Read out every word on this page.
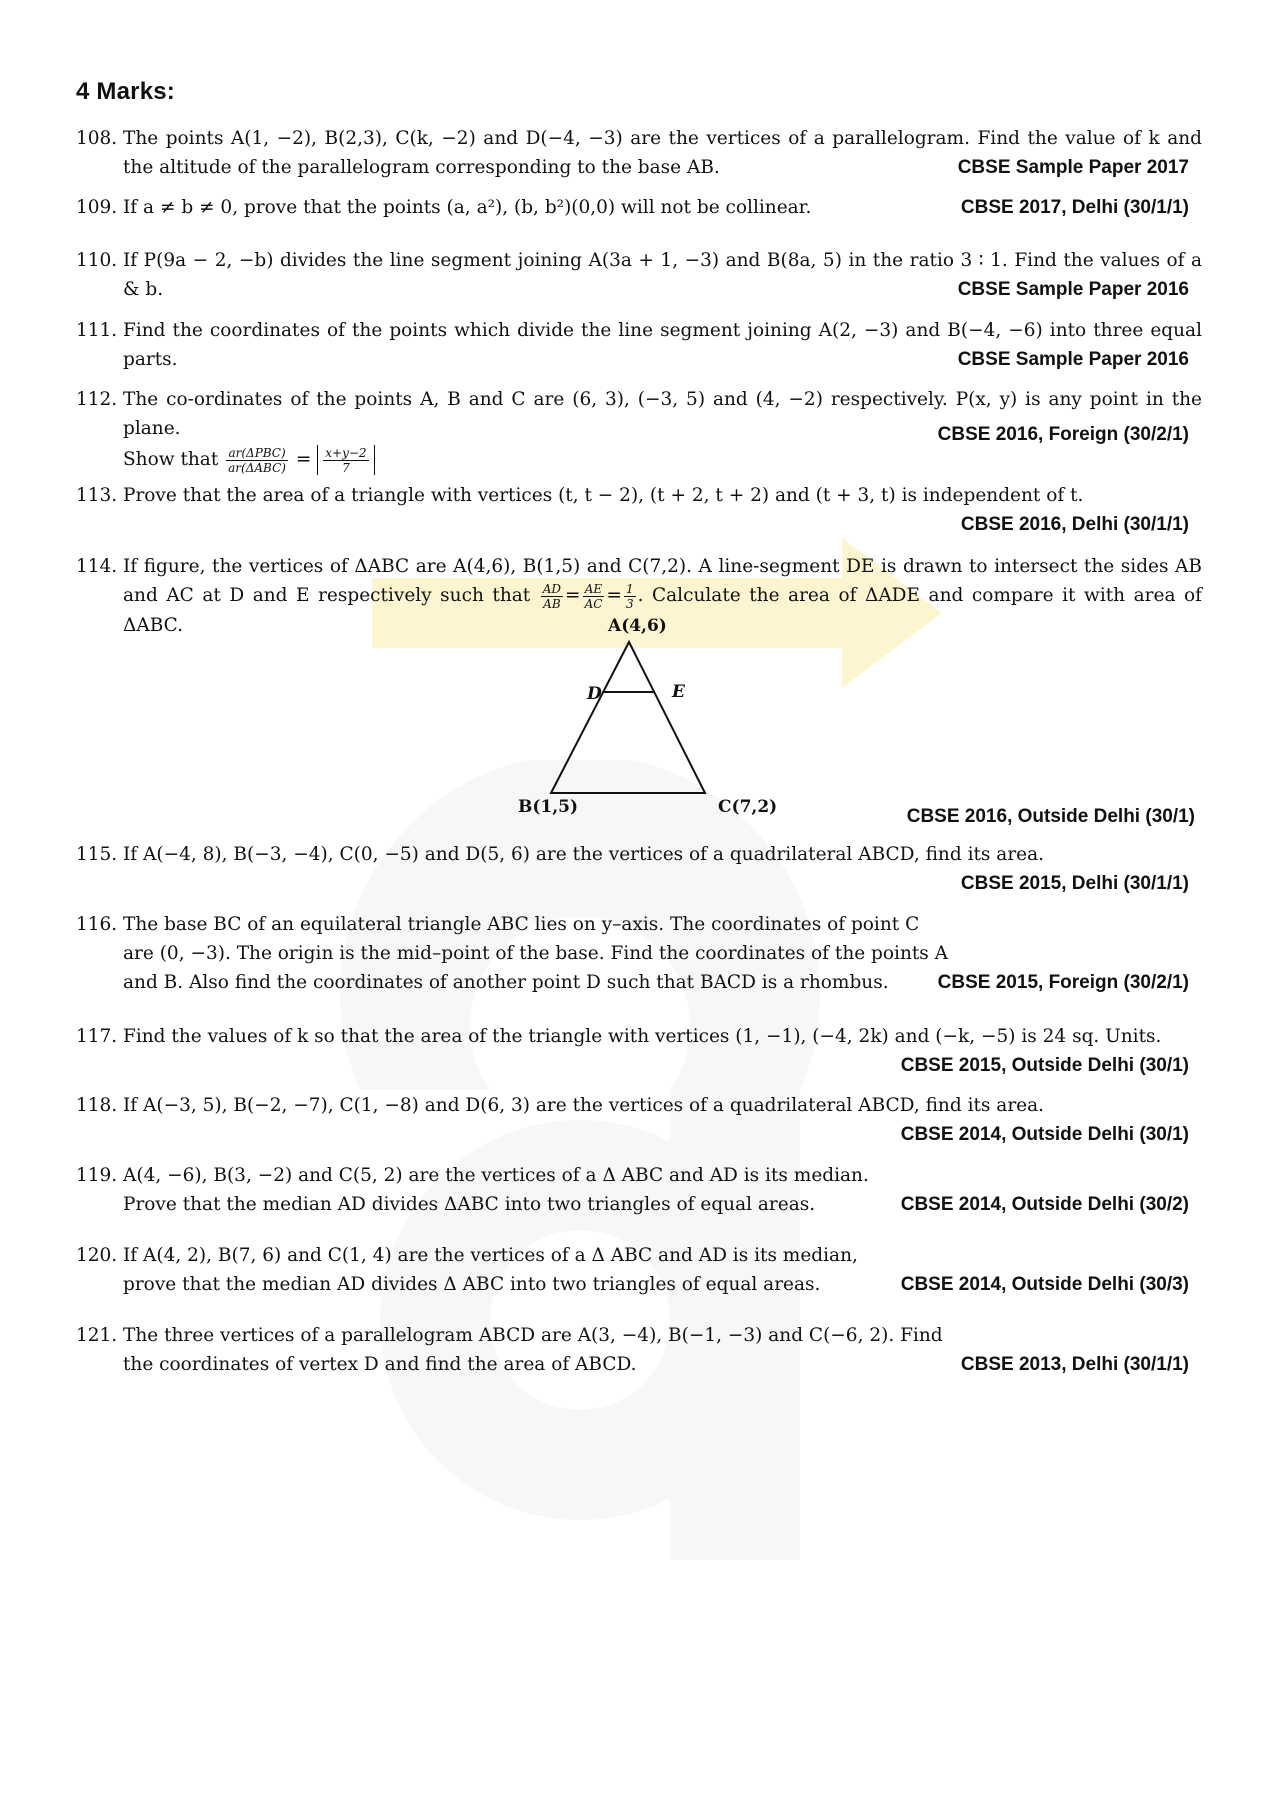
4 Marks:
108. The points A(1, −2), B(2,3), C(k, −2) and D(−4, −3) are the vertices of a parallelogram. Find the value of k and the altitude of the parallelogram corresponding to the base AB.	CBSE Sample Paper 2017
109. If a ≠ b ≠ 0, prove that the points (a, a²), (b, b²)(0,0) will not be collinear.	CBSE 2017, Delhi (30/1/1)
110. If P(9a − 2, −b) divides the line segment joining A(3a + 1, −3) and B(8a, 5) in the ratio 3 ∶ 1. Find the values of a & b.	CBSE Sample Paper 2016
111. Find the coordinates of the points which divide the line segment joining A(2, −3) and B(−4, −6) into three equal parts.	CBSE Sample Paper 2016
112. The co-ordinates of the points A, B and C are (6, 3), (−3, 5) and (4, −2) respectively. P(x, y) is any point in the plane.
Show that $\frac{\text{ar(ΔPBC)}}{\text{ar(ΔABC)}} = \frac{x+y-2}{7}$
CBSE 2016, Foreign (30/2/1)
113. Prove that the area of a triangle with vertices (t, t − 2), (t + 2, t + 2) and (t + 3, t) is independent of t.
CBSE 2016, Delhi (30/1/1)
114. If figure, the vertices of ΔABC are A(4,6), B(1,5) and C(7,2). A line-segment DE is drawn to intersect the sides AB and AC at D and E respectively such that $\frac{AD}{AB} = \frac{AE}{AC} = \frac{1}{3}$ . Calculate the area of ΔADE and compare it with area of ΔABC.	A(4,6)
D	E
B(1,5)	C(7,2)	CBSE 2016, Outside Delhi (30/1)
115. If A(−4, 8), B(−3, −4), C(0, −5) and D(5, 6) are the vertices of a quadrilateral ABCD, find its area.
CBSE 2015, Delhi (30/1/1)
116. The base BC of an equilateral triangle ABC lies on y–axis. The coordinates of point C are (0, −3). The origin is the mid–point of the base. Find the coordinates of the points A and B. Also find the coordinates of another point D such that BACD is a rhombus.	CBSE 2015, Foreign (30/2/1)
117. Find the values of k so that the area of the triangle with vertices (1, −1), (−4, 2k) and (−k, −5) is 24 sq. Units.
CBSE 2015, Outside Delhi (30/1)
118. If A(−3, 5), B(−2, −7), C(1, −8) and D(6, 3) are the vertices of a quadrilateral ABCD, find its area.
CBSE 2014, Outside Delhi (30/1)
119. A(4, −6), B(3, −2) and C(5, 2) are the vertices of a Δ ABC and AD is its median. Prove that the median AD divides ΔABC into two triangles of equal areas.	CBSE 2014, Outside Delhi (30/2)
120. If A(4, 2), B(7, 6) and C(1, 4) are the vertices of a Δ ABC and AD is its median, prove that the median AD divides Δ ABC into two triangles of equal areas.	CBSE 2014, Outside Delhi (30/3)
121. The three vertices of a parallelogram ABCD are A(3, −4), B(−1, −3) and C(−6, 2). Find the coordinates of vertex D and find the area of ABCD.	CBSE 2013, Delhi (30/1/1)
